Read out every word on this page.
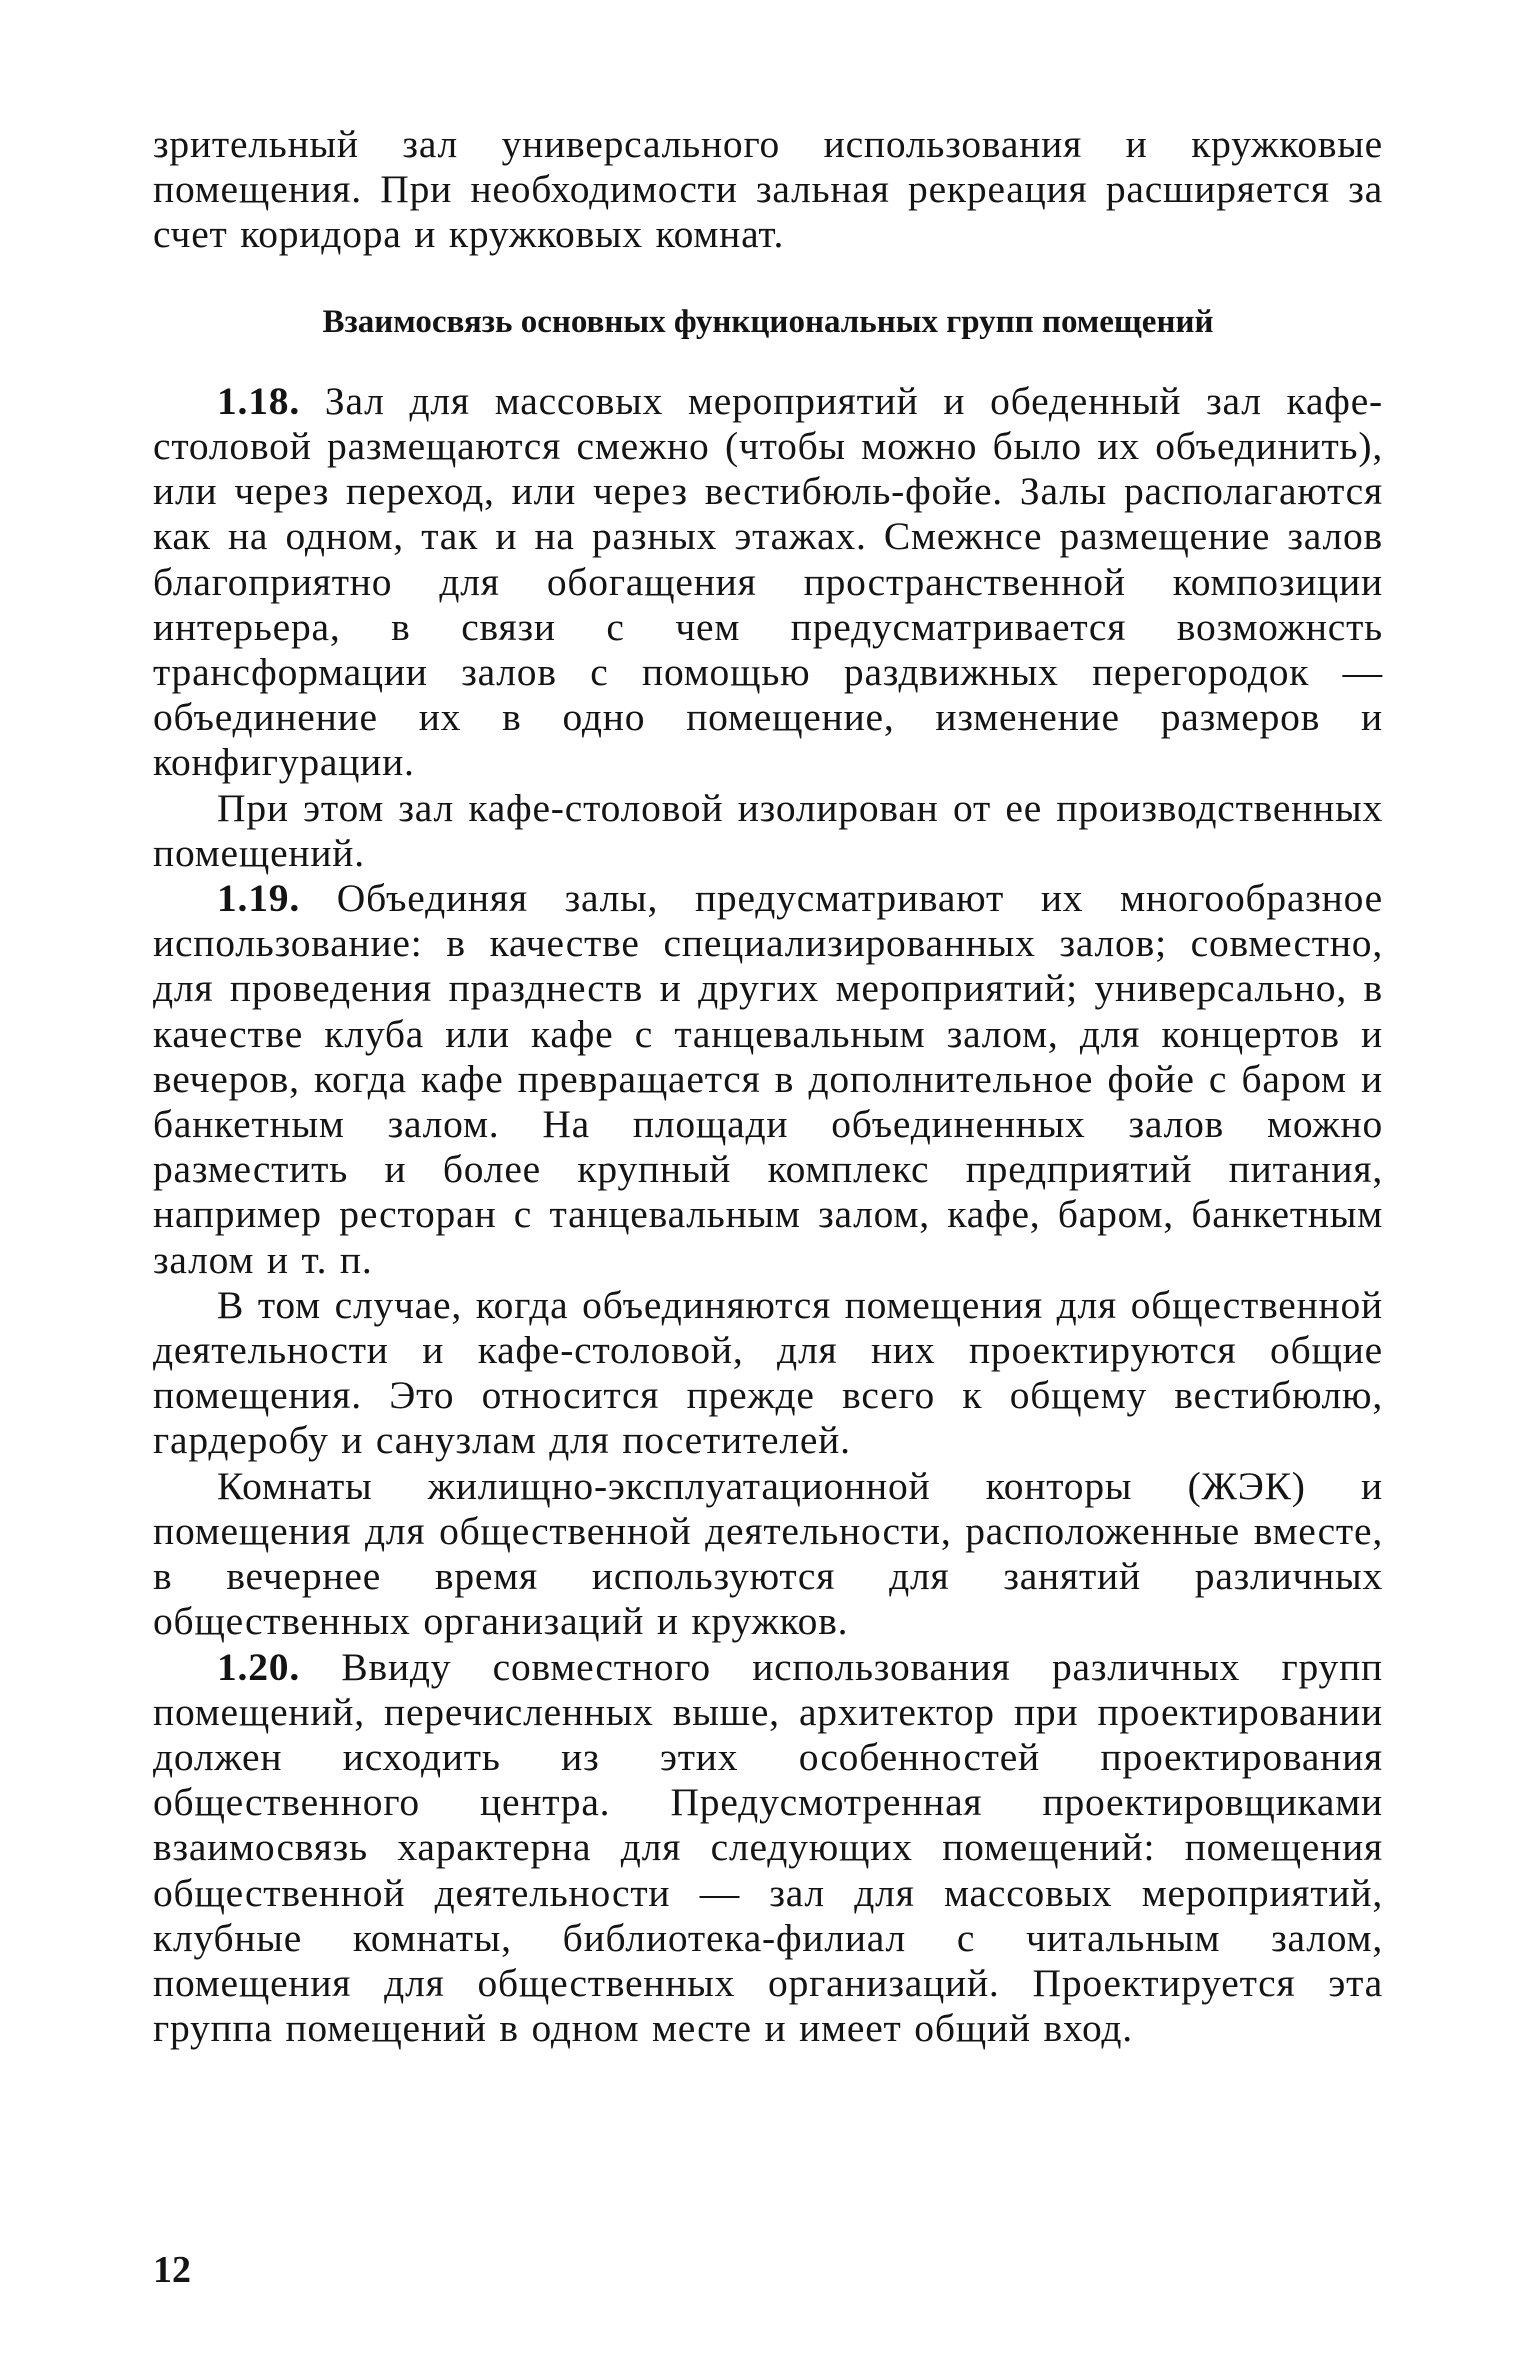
зрительный зал универсального использования и кружковые помещения. При необходимости зальная рекреация расширяется за счет коридора и кружковых комнат.

Взаимосвязь основных функциональных групп помещений

1.18. Зал для массовых мероприятий и обеденный зал кафе-столовой размещаются смежно (чтобы можно было их объединить), или через переход, или через вестибюль-фойе. Залы располагаются как на одном, так и на разных этажах. Смежнсе размещение залов благоприятно для обогащения пространственной композиции интерьера, в связи с чем предусматривается возможнсть трансформации залов с помощью раздвижных перегородок — объединение их в одно помещение, изменение размеров и конфигурации.

При этом зал кафе-столовой изолирован от ее производственных помещений.

1.19. Объединяя залы, предусматривают их многообразное использование: в качестве специализированных залов; совместно, для проведения празднеств и других мероприятий; универсально, в качестве клуба или кафе с танцевальным залом, для концертов и вечеров, когда кафе превращается в дополнительное фойе с баром и банкетным залом. На площади объединенных залов можно разместить и более крупный комплекс предприятий питания, например ресторан с танцевальным залом, кафе, баром, банкетным залом и т. п.

В том случае, когда объединяются помещения для общественной деятельности и кафе-столовой, для них проектируются общие помещения. Это относится прежде всего к общему вестибюлю, гардеробу и санузлам для посетителей.

Комнаты жилищно-эксплуатационной конторы (ЖЭК) и помещения для общественной деятельности, расположенные вместе, в вечернее время используются для занятий различных общественных организаций и кружков.

1.20. Ввиду совместного использования различных групп помещений, перечисленных выше, архитектор при проектировании должен исходить из этих особенностей проектирования общественного центра. Предусмотренная проектировщиками взаимосвязь характерна для следующих помещений: помещения общественной деятельности — зал для массовых мероприятий, клубные комнаты, библиотека-филиал с читальным залом, помещения для общественных организаций. Проектируется эта группа помещений в одном месте и имеет общий вход.

12
